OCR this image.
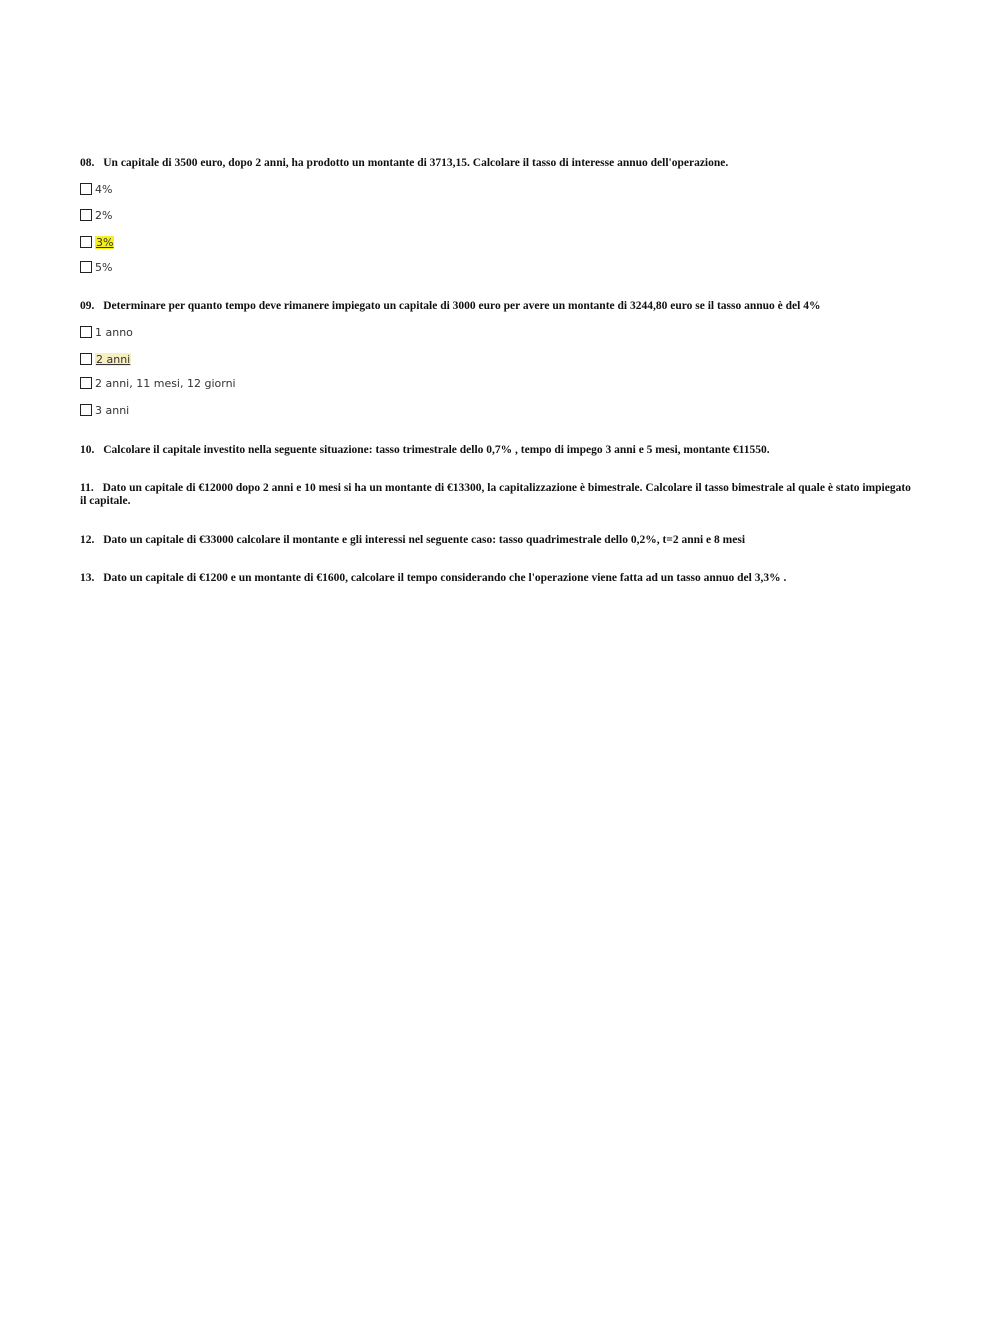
08. Un capitale di 3500 euro, dopo 2 anni, ha prodotto un montante di 3713,15. Calcolare il tasso di interesse annuo dell'operazione.
4%
2%
3%
5%
09. Determinare per quanto tempo deve rimanere impiegato un capitale di 3000 euro per avere un montante di 3244,80 euro se il tasso annuo è del 4%
1 anno
2 anni
2 anni, 11 mesi, 12 giorni
3 anni
10. Calcolare il capitale investito nella seguente situazione: tasso trimestrale dello 0,7% , tempo di impego 3 anni e 5 mesi, montante €11550.
11. Dato un capitale di €12000 dopo 2 anni e 10 mesi si ha un montante di €13300, la capitalizzazione è bimestrale. Calcolare il tasso bimestrale al quale è stato impiegato il capitale.
12. Dato un capitale di €33000 calcolare il montante e gli interessi nel seguente caso: tasso quadrimestrale dello 0,2%, t=2 anni e 8 mesi
13. Dato un capitale di €1200 e un montante di €1600, calcolare il tempo considerando che l'operazione viene fatta ad un tasso annuo del 3,3% .
